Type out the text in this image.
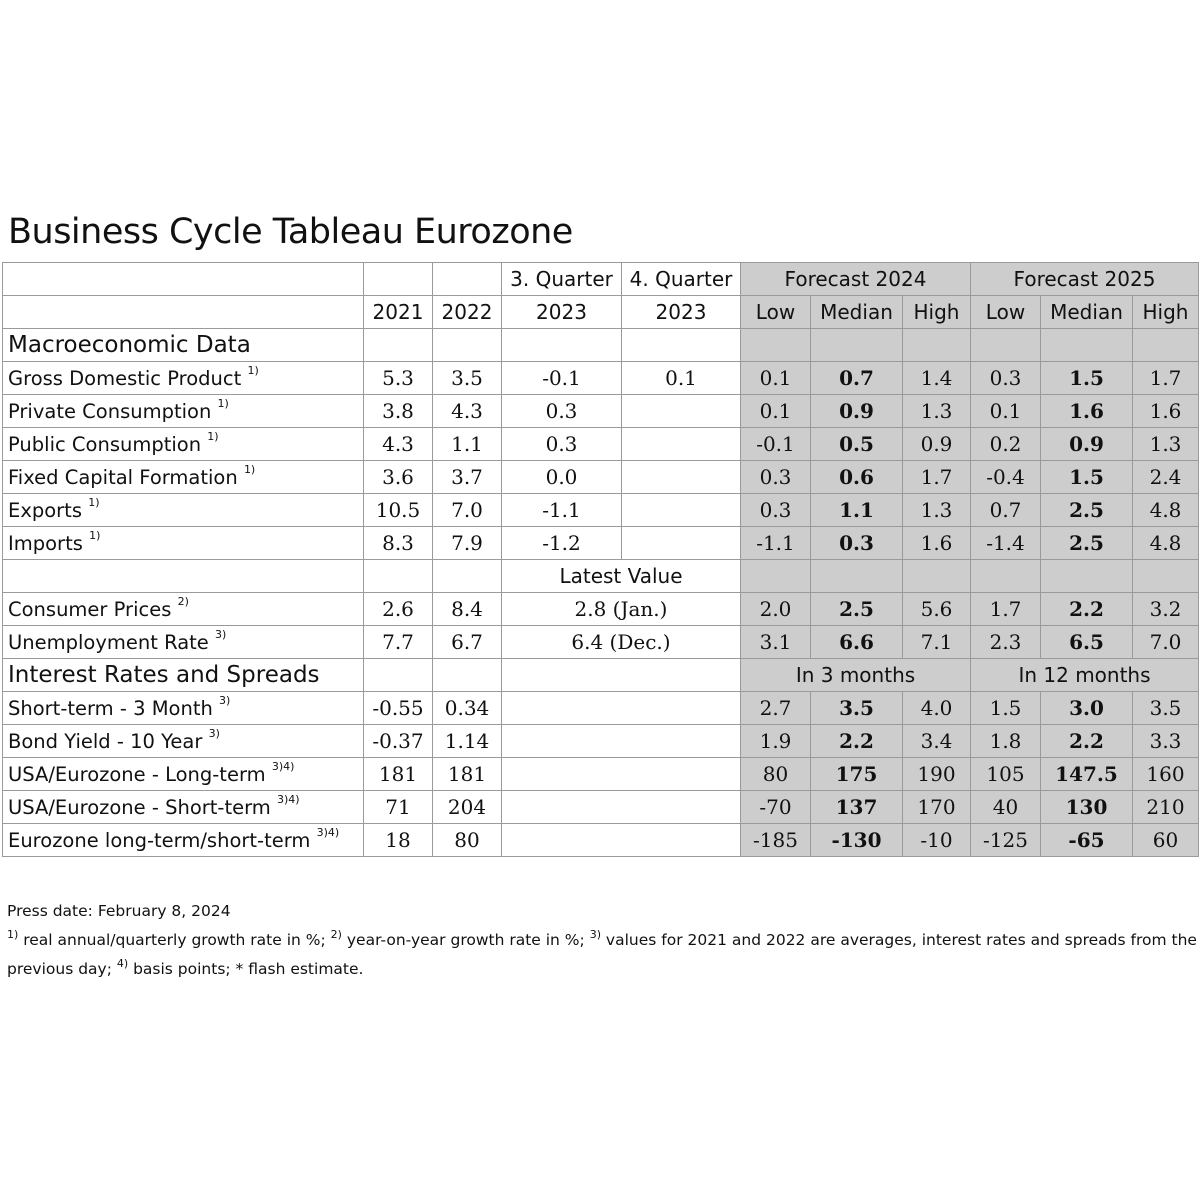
Business Cycle Tableau Eurozone
			3. Quarter	4. Quarter	Forecast 2024			Forecast 2025		
	2021	2022	2023	2023	Low	Median	High	Low	Median	High
Macroeconomic Data										
Gross Domestic Product $^{1)}$	5.3	3.5	-0.1	0.1	0.1	0.7	1.4	0.3	1.5	1.7
Private Consumption $^{1)}$	3.8	4.3	0.3		0.1	0.9	1.3	0.1	1.6	1.6
Public Consumption $^{1)}$	4.3	1.1	0.3		-0.1	0.5	0.9	0.2	0.9	1.3
Fixed Capital Formation $^{1)}$	3.6	3.7	0.0		0.3	0.6	1.7	-0.4	1.5	2.4
Exports $^{1)}$	10.5	7.0	-1.1		0.3	1.1	1.3	0.7	2.5	4.8
Imports $^{1)}$	8.3	7.9	-1.2		-1.1	0.3	1.6	-1.4	2.5	4.8
			Latest Value							
Consumer Prices $^{2)}$	2.6	8.4	2.8 (Jan.)		2.0	2.5	5.6	1.7	2.2	3.2
Unemployment Rate $^{3)}$	7.7	6.7	6.4 (Dec.)		3.1	6.6	7.1	2.3	6.5	7.0
Interest Rates and Spreads					In 3 months			In 12 months		
Short-term - 3 Month $^{3)}$	-0.55	0.34			2.7	3.5	4.0	1.5	3.0	3.5
Bond Yield - 10 Year $^{3)}$	-0.37	1.14			1.9	2.2	3.4	1.8	2.2	3.3
USA/Eurozone - Long-term $^{3)4)}$	181	181			80	175	190	105	147.5	160
USA/Eurozone - Short-term $^{3)4)}$	71	204			-70	137	170	40	130	210
Eurozone long-term/short-term $^{3)4)}$	18	80			-185	-130	-10	-125	-65	60
Press date: February 8, 2024
$^{1)}$ real annual/quarterly growth rate in %; $^{2)}$ year-on-year growth rate in %; $^{3)}$ values for 2021 and 2022 are averages, interest rates and spreads from the
previous day; $^{4)}$ basis points; * flash estimate.
